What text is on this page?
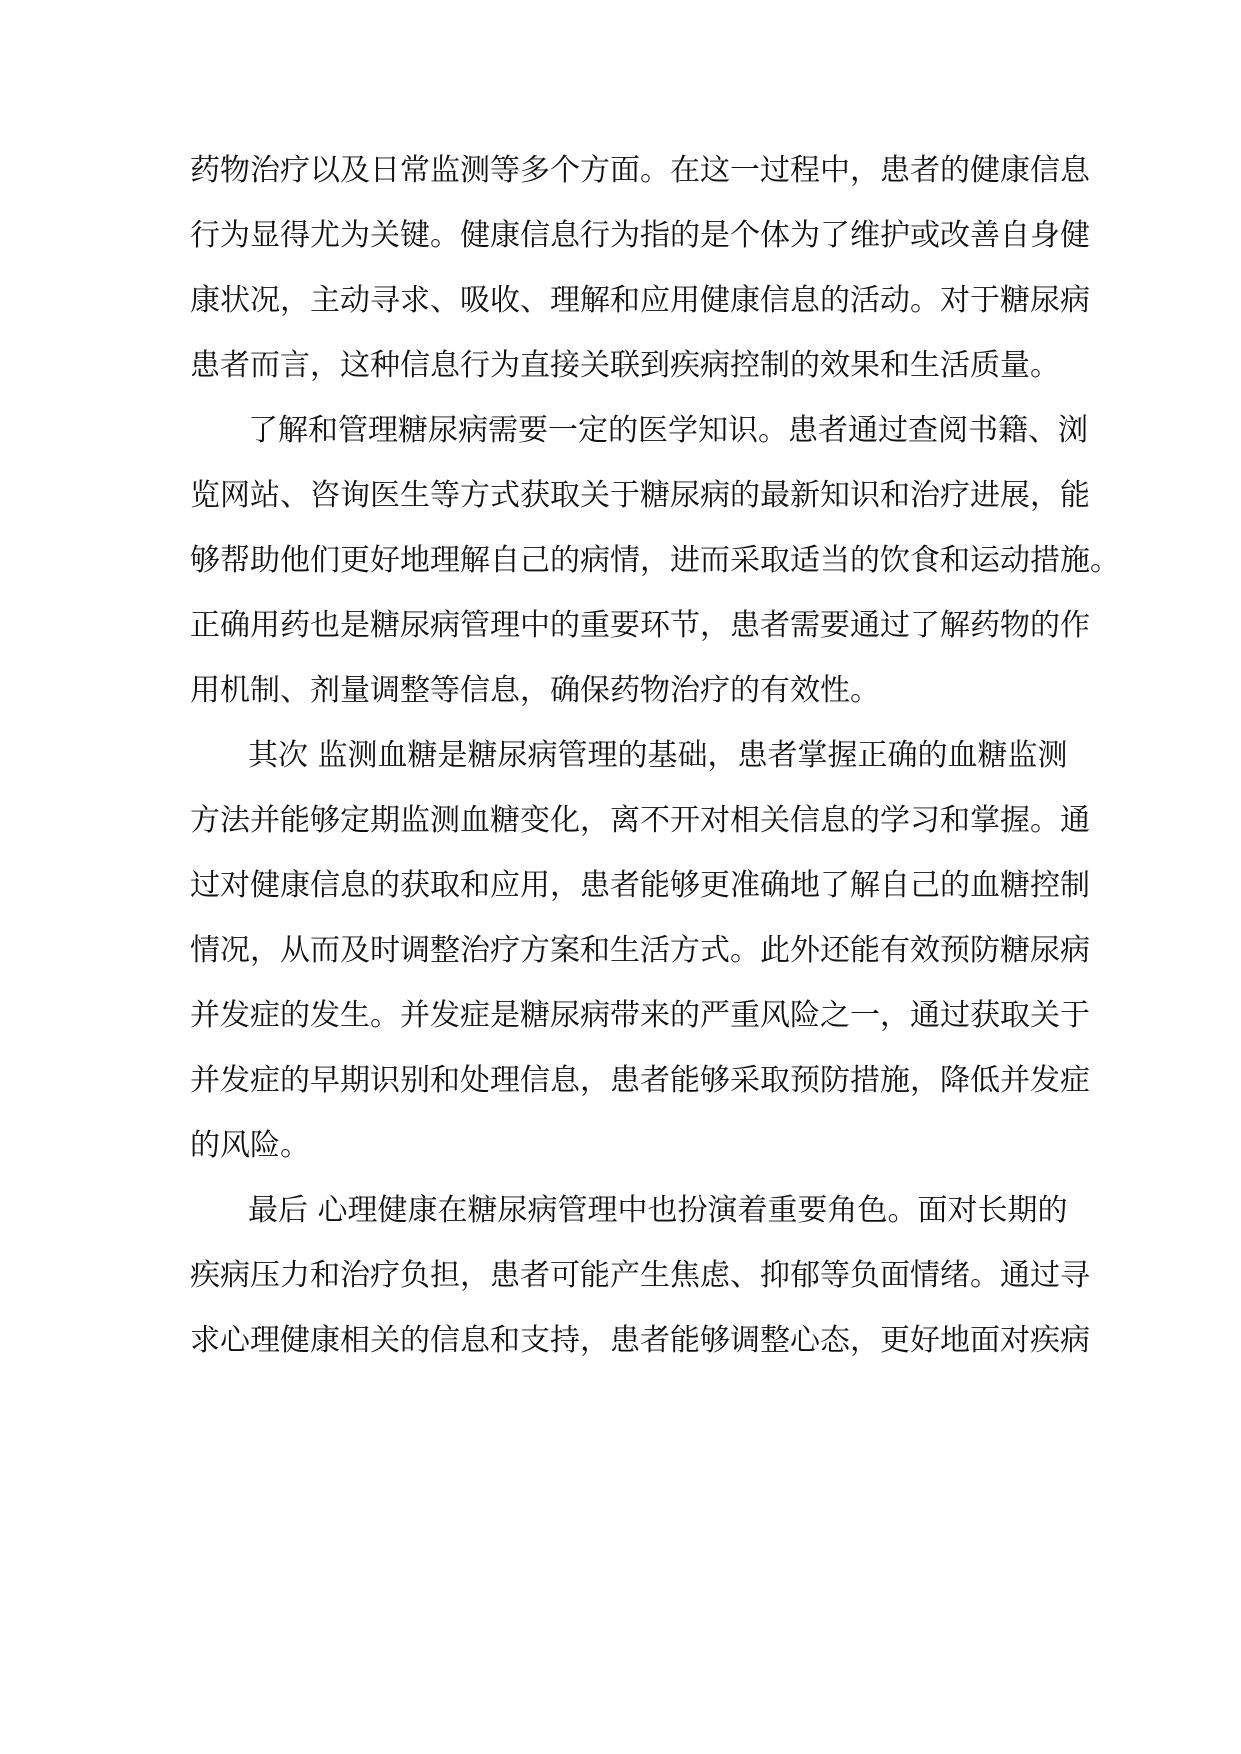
药物治疗以及日常监测等多个方面。在这一过程中，患者的健康信息
行为显得尤为关键。健康信息行为指的是个体为了维护或改善自身健
康状况，主动寻求、吸收、理解和应用健康信息的活动。对于糖尿病
患者而言，这种信息行为直接关联到疾病控制的效果和生活质量。
了解和管理糖尿病需要一定的医学知识。患者通过查阅书籍、浏
览网站、咨询医生等方式获取关于糖尿病的最新知识和治疗进展，能
够帮助他们更好地理解自己的病情，进而采取适当的饮食和运动措施。
正确用药也是糖尿病管理中的重要环节，患者需要通过了解药物的作
用机制、剂量调整等信息，确保药物治疗的有效性。
其次 监测血糖是糖尿病管理的基础，患者掌握正确的血糖监测
方法并能够定期监测血糖变化，离不开对相关信息的学习和掌握。通
过对健康信息的获取和应用，患者能够更准确地了解自己的血糖控制
情况，从而及时调整治疗方案和生活方式。此外还能有效预防糖尿病
并发症的发生。并发症是糖尿病带来的严重风险之一，通过获取关于
并发症的早期识别和处理信息，患者能够采取预防措施，降低并发症
的风险。
最后 心理健康在糖尿病管理中也扮演着重要角色。面对长期的
疾病压力和治疗负担，患者可能产生焦虑、抑郁等负面情绪。通过寻
求心理健康相关的信息和支持，患者能够调整心态，更好地面对疾病
